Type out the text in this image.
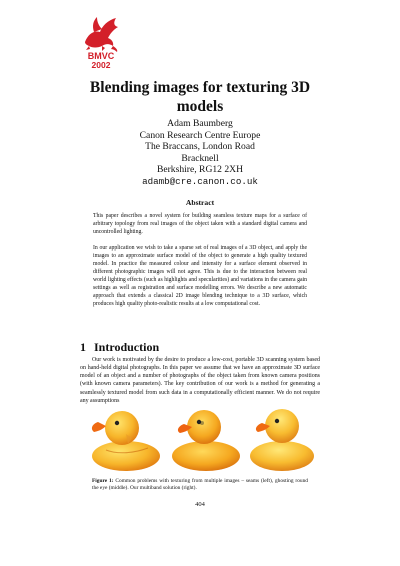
BMVC
2002
Blending images for texturing 3D models
Adam Baumberg
Canon Research Centre Europe
The Braccans, London Road
Bracknell
Berkshire, RG12 2XH
adamb@cre.canon.co.uk
Abstract

This paper describes a novel system for building seamless texture maps for a surface of arbitrary topology from real images of the object taken with a standard digital camera and uncontrolled lighting.

In our application we wish to take a sparse set of real images of a 3D object, and apply the images to an approximate surface model of the object to generate a high quality textured model. In practice the measured colour and intensity for a surface element observed in different photographic images will not agree. This is due to the interaction between real world lighting effects (such as highlights and specularities) and variations in the camera gain settings as well as registration and surface modelling errors. We describe a new automatic approach that extends a classical 2D image blending technique to a 3D surface, which produces high quality photo-realistic results at a low computational cost.

1 Introduction

Our work is motivated by the desire to produce a low-cost, portable 3D scanning system based on hand-held digital photographs. In this paper we assume that we have an approximate 3D surface model of an object and a number of photographs of the object taken from known camera positions (with known camera parameters). The key contribution of our work is a method for generating a seamlessly textured model from such data in a computationally efficient manner. We do not require any assumptions

Figure 1: Common problems with texturing from multiple images – seams (left), ghosting round the eye (middle). Our multiband solution (right).
404
